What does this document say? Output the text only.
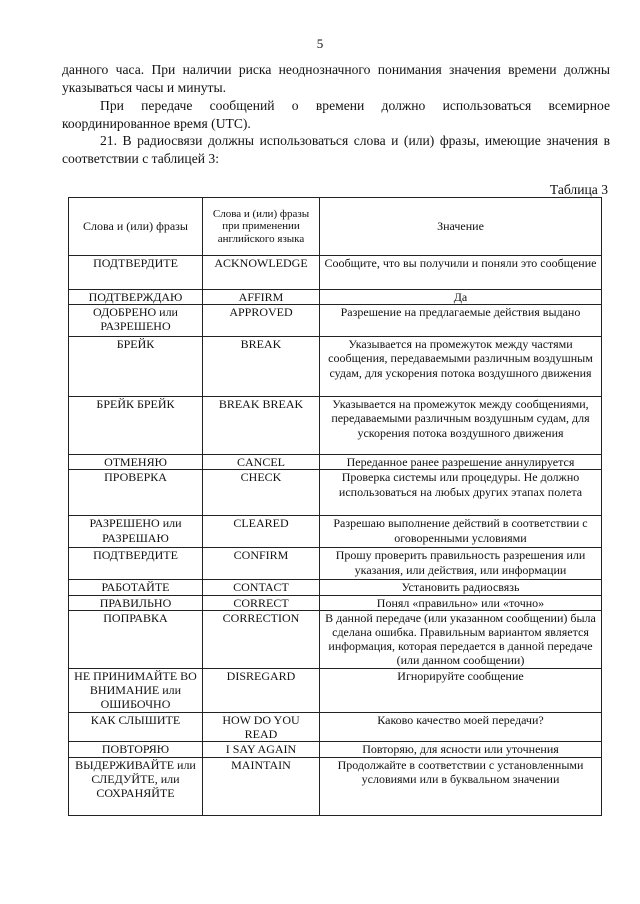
5
данного часа. При наличии риска неоднозначного понимания значения времени должны указываться часы и минуты.
При передаче сообщений о времени должно использоваться всемирное координированное время (UTC).
21. В радиосвязи должны использоваться слова и (или) фразы, имеющие значения в соответствии с таблицей 3:
Таблица 3
Слова и (или) фразы	Слова и (или) фразы при применении английского языка	Значение
ПОДТВЕРДИТЕ	ACKNOWLEDGE	Сообщите, что вы получили и поняли это сообщение
ПОДТВЕРЖДАЮ	AFFIRM	Да
ОДОБРЕНО или РАЗРЕШЕНО	APPROVED	Разрешение на предлагаемые действия выдано
БРЕЙК	BREAK	Указывается на промежуток между частями сообщения, передаваемыми различным воздушным судам, для ускорения потока воздушного движения
БРЕЙК БРЕЙК	BREAK BREAK	Указывается на промежуток между сообщениями, передаваемыми различным воздушным судам, для ускорения потока воздушного движения
ОТМЕНЯЮ	CANCEL	Переданное ранее разрешение аннулируется
ПРОВЕРКА	CHECK	Проверка системы или процедуры. Не должно использоваться на любых других этапах полета
РАЗРЕШЕНО или РАЗРЕШАЮ	CLEARED	Разрешаю выполнение действий в соответствии с оговоренными условиями
ПОДТВЕРДИТЕ	CONFIRM	Прошу проверить правильность разрешения или указания, или действия, или информации
РАБОТАЙТЕ	CONTACT	Установить радиосвязь
ПРАВИЛЬНО	CORRECT	Понял «правильно» или «точно»
ПОПРАВКА	CORRECTION	В данной передаче (или указанном сообщении) была сделана ошибка. Правильным вариантом является информация, которая передается в данной передаче (или данном сообщении)
НЕ ПРИНИМАЙТЕ ВО ВНИМАНИЕ или ОШИБОЧНО	DISREGARD	Игнорируйте сообщение
КАК СЛЫШИТЕ	HOW DO YOU READ	Каково качество моей передачи?
ПОВТОРЯЮ	I SAY AGAIN	Повторяю, для ясности или уточнения
ВЫДЕРЖИВАЙТЕ или СЛЕДУЙТЕ, или СОХРАНЯЙТЕ	MAINTAIN	Продолжайте в соответствии с установленными условиями или в буквальном значении
